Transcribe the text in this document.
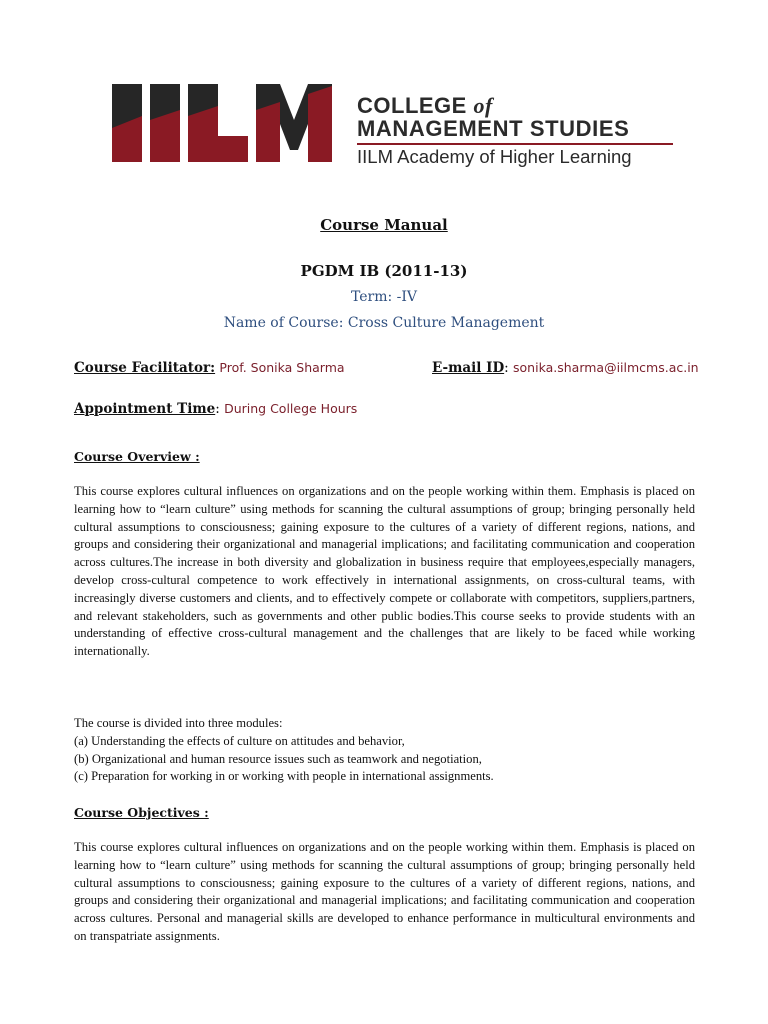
IILM
COLLEGE of
MANAGEMENT STUDIES
IILM Academy of Higher Learning
Course Manual
PGDM IB (2011-13)
Term: -IV
Name of Course: Cross Culture Management
Course Facilitator: Prof. Sonika Sharma	E-mail ID: sonika.sharma@iilmcms.ac.in
Appointment Time: During College Hours
Course Overview :
This course explores cultural influences on organizations and on the people working within them. Emphasis is placed on learning how to “learn culture” using methods for scanning the cultural assumptions of group; bringing personally held cultural assumptions to consciousness; gaining exposure to the cultures of a variety of different regions, nations, and groups and considering their organizational and managerial implications; and facilitating communication and cooperation across cultures.The increase in both diversity and globalization in business require that employees,especially managers, develop cross-cultural competence to work effectively in international assignments, on cross-cultural teams, with increasingly diverse customers and clients, and to effectively compete or collaborate with competitors, suppliers,partners, and relevant stakeholders, such as governments and other public bodies.This course seeks to provide students with an understanding of effective cross-cultural management and the challenges that are likely to be faced while working internationally.
The course is divided into three modules:
(a) Understanding the effects of culture on attitudes and behavior,
(b) Organizational and human resource issues such as teamwork and negotiation,
(c) Preparation for working in or working with people in international assignments.
Course Objectives :
This course explores cultural influences on organizations and on the people working within them. Emphasis is placed on learning how to “learn culture” using methods for scanning the cultural assumptions of group; bringing personally held cultural assumptions to consciousness; gaining exposure to the cultures of a variety of different regions, nations, and groups and considering their organizational and managerial implications; and facilitating communication and cooperation across cultures. Personal and managerial skills are developed to enhance performance in multicultural environments and on transpatriate assignments.
